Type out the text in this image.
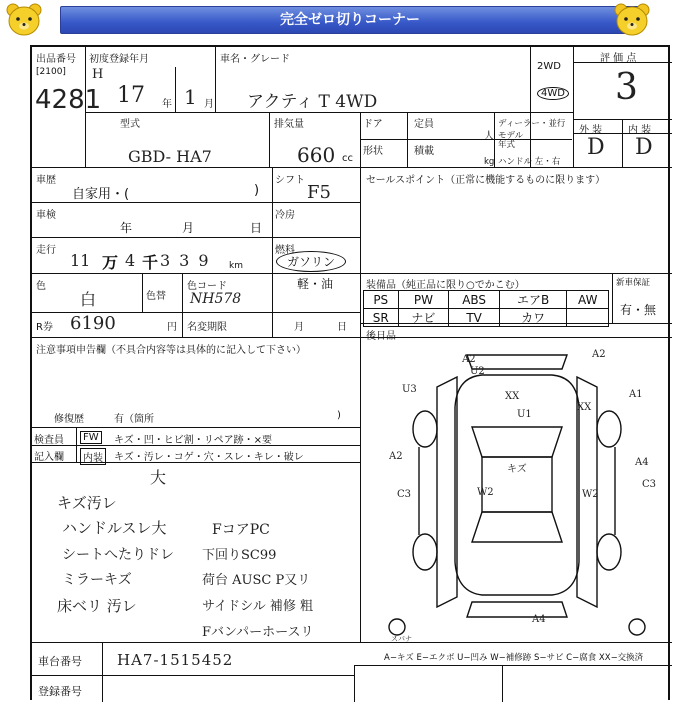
完全ゼロ切りコーナー
出品番号
[2100]
4281
初度登録年月
H
17 年 1 月
車名・グレード
アクティ T 4WD
2WD
4WD
評 価 点
3
型式
GBD- HA7
排気量
660 cc
ドア	定員
人
ディーラー・並行
モデル年式
形状	積載
kg ハンドル 左・右
外 装	内 装
D D
車歴
自家用・(	)
シフト
F5
車検
年	月	日
冷房
走行
11 万 4 千 339 km
燃料
ガソリン
軽・油
色
白	色替
色コード
NH578
R券 6190	円 名変期限	月	日
セールスポイント（正常に機能するものに限ります）
装備品（純正品に限り○でかこむ）	新車保証
有・無
PS	PW	ABS	エアB	AW
SR	ナビ	TV	カワ	
後日品
注意事項申告欄（不具合内容等は具体的に記入して下さい）
修復歴	有（箇所	)
検査員
記入欄
FW
内装
キズ・凹・ヒビ割・リペア跡・×要
キズ・汚レ・コゲ・穴・スレ・キレ・破レ
大
キズ汚レ
ハンドルスレ大
シートへたりドレ
ミラーキズ
床ベリ 汚レ
FコアPC
下回りSC99
荷台 AUSC P又リ
サイドシル 補修 粗
Fバンパーホースリ
車台番号 HA7-1515452
登録番号
A−キズ E−エクボ U−凹み W−補修跡 S−サビ C−腐食 XX−交換済
A2
U2
A2
U3
XX
U1
XX
A1
A2
キズ
A4
C3	W2	W2
C3
A4
スパナ
